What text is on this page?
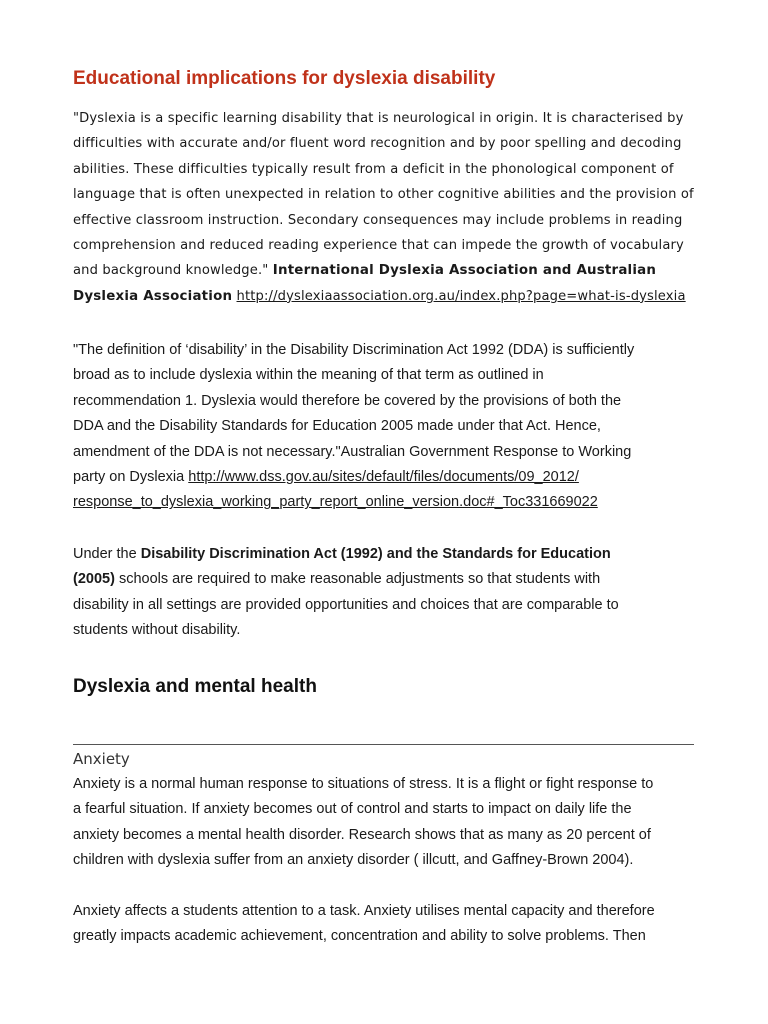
Educational implications for dyslexia disability
"Dyslexia is a specific learning disability that is neurological in origin. It is characterised by
difficulties with accurate and/or fluent word recognition and by poor spelling and decoding
abilities. These difficulties typically result from a deficit in the phonological component of
language that is often unexpected in relation to other cognitive abilities and the provision of
effective classroom instruction. Secondary consequences may include problems in reading
comprehension and reduced reading experience that can impede the growth of vocabulary
and background knowledge." International Dyslexia Association and Australian
Dyslexia Association http://dyslexiaassociation.org.au/index.php?page=what-is-dyslexia
"The definition of ‘disability’ in the Disability Discrimination Act 1992 (DDA) is sufficiently
broad as to include dyslexia within the meaning of that term as outlined in
recommendation 1. Dyslexia would therefore be covered by the provisions of both the
DDA and the Disability Standards for Education 2005 made under that Act. Hence,
amendment of the DDA is not necessary."Australian Government Response to Working
party on Dyslexia http://www.dss.gov.au/sites/default/files/documents/09_2012/
response_to_dyslexia_working_party_report_online_version.doc#_Toc331669022
Under the Disability Discrimination Act (1992) and the Standards for Education
(2005) schools are required to make reasonable adjustments so that students with
disability in all settings are provided opportunities and choices that are comparable to
students without disability.
Dyslexia and mental health
Anxiety
Anxiety is a normal human response to situations of stress. It is a flight or fight response to
a fearful situation. If anxiety becomes out of control and starts to impact on daily life the
anxiety becomes a mental health disorder. Research shows that as many as 20 percent of
children with dyslexia suffer from an anxiety disorder ( illcutt, and Gaffney-Brown 2004).
Anxiety affects a students attention to a task. Anxiety utilises mental capacity and therefore
greatly impacts academic achievement, concentration and ability to solve problems. Then
